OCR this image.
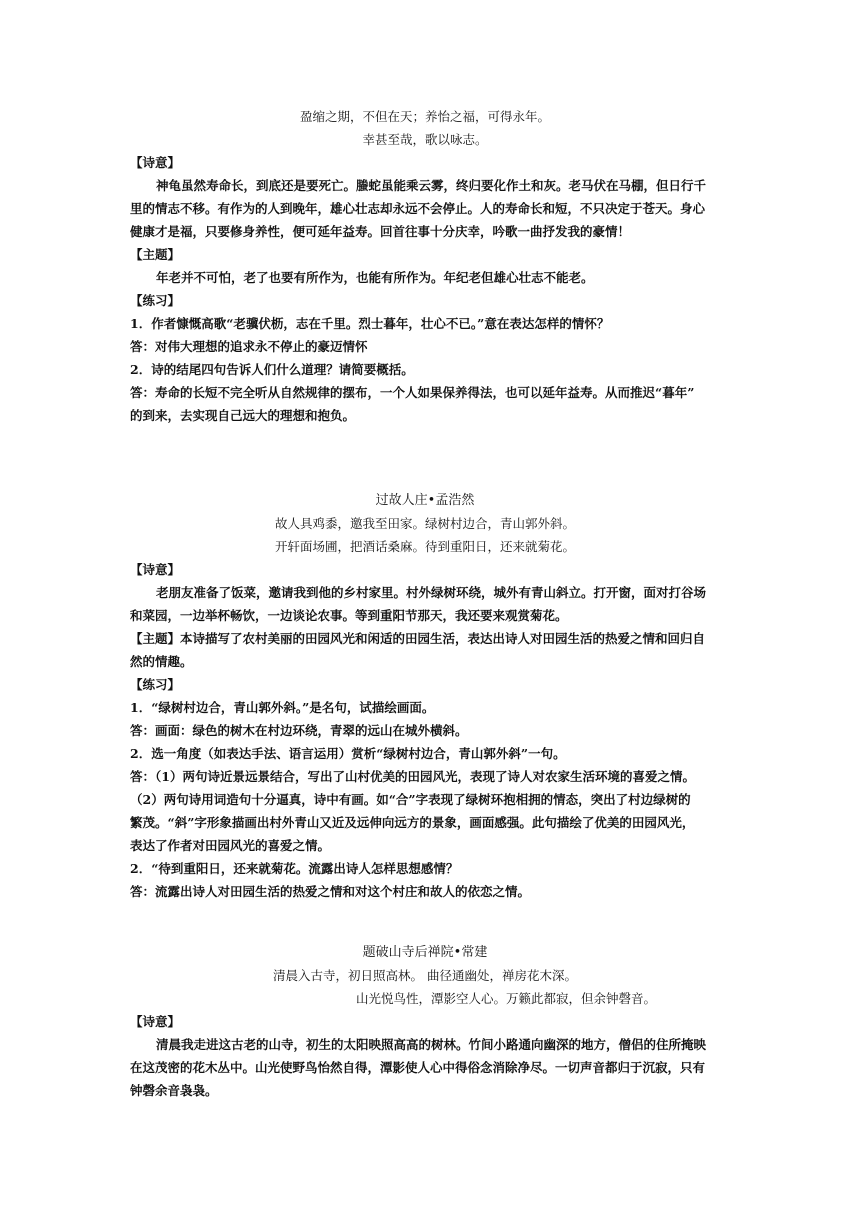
盈缩之期，不但在天；养怡之福，可得永年。
幸甚至哉，歌以咏志。
【诗意】
神龟虽然寿命长，到底还是要死亡。螣蛇虽能乘云雾，终归要化作土和灰。老马伏在马棚，但日行千
里的情志不移。有作为的人到晚年，雄心壮志却永远不会停止。人的寿命长和短，不只决定于苍天。身心
健康才是福，只要修身养性，便可延年益寿。回首往事十分庆幸，吟歌一曲抒发我的豪情！
【主题】
年老并不可怕，老了也要有所作为，也能有所作为。年纪老但雄心壮志不能老。
【练习】
1．作者慷慨高歌“老骥伏枥，志在千里。烈士暮年，壮心不已。”意在表达怎样的情怀？
答：对伟大理想的追求永不停止的豪迈情怀
2．诗的结尾四句告诉人们什么道理？请简要概括。
答：寿命的长短不完全听从自然规律的摆布，一个人如果保养得法，也可以延年益寿。从而推迟“暮年”
的到来，去实现自己远大的理想和抱负。
过故人庄•孟浩然
故人具鸡黍，邀我至田家。绿树村边合，青山郭外斜。
开轩面场圃，把酒话桑麻。待到重阳日，还来就菊花。
【诗意】
老朋友准备了饭菜，邀请我到他的乡村家里。村外绿树环绕，城外有青山斜立。打开窗，面对打谷场
和菜园，一边举杯畅饮，一边谈论农事。等到重阳节那天，我还要来观赏菊花。
【主题】本诗描写了农村美丽的田园风光和闲适的田园生活，表达出诗人对田园生活的热爱之情和回归自
然的情趣。
【练习】
1．“绿树村边合，青山郭外斜。”是名句，试描绘画面。
答：画面：绿色的树木在村边环绕，青翠的远山在城外横斜。
2．选一角度（如表达手法、语言运用）赏析“绿树村边合，青山郭外斜”一句。
答：（1）两句诗近景远景结合，写出了山村优美的田园风光，表现了诗人对农家生活环境的喜爱之情。
（2）两句诗用词造句十分逼真，诗中有画。如“合”字表现了绿树环抱相拥的情态，突出了村边绿树的
繁茂。“斜”字形象描画出村外青山又近及远伸向远方的景象，画面感强。此句描绘了优美的田园风光，
表达了作者对田园风光的喜爱之情。
2．“待到重阳日，还来就菊花。流露出诗人怎样思想感情？
答：流露出诗人对田园生活的热爱之情和对这个村庄和故人的依恋之情。
题破山寺后禅院•常建
清晨入古寺，初日照高林。 曲径通幽处，禅房花木深。
山光悦鸟性，潭影空人心。万籁此都寂，但余钟磬音。
【诗意】
清晨我走进这古老的山寺，初生的太阳映照高高的树林。竹间小路通向幽深的地方，僧侣的住所掩映
在这茂密的花木丛中。山光使野鸟怡然自得，潭影使人心中得俗念消除净尽。一切声音都归于沉寂，只有
钟磬余音袅袅。
